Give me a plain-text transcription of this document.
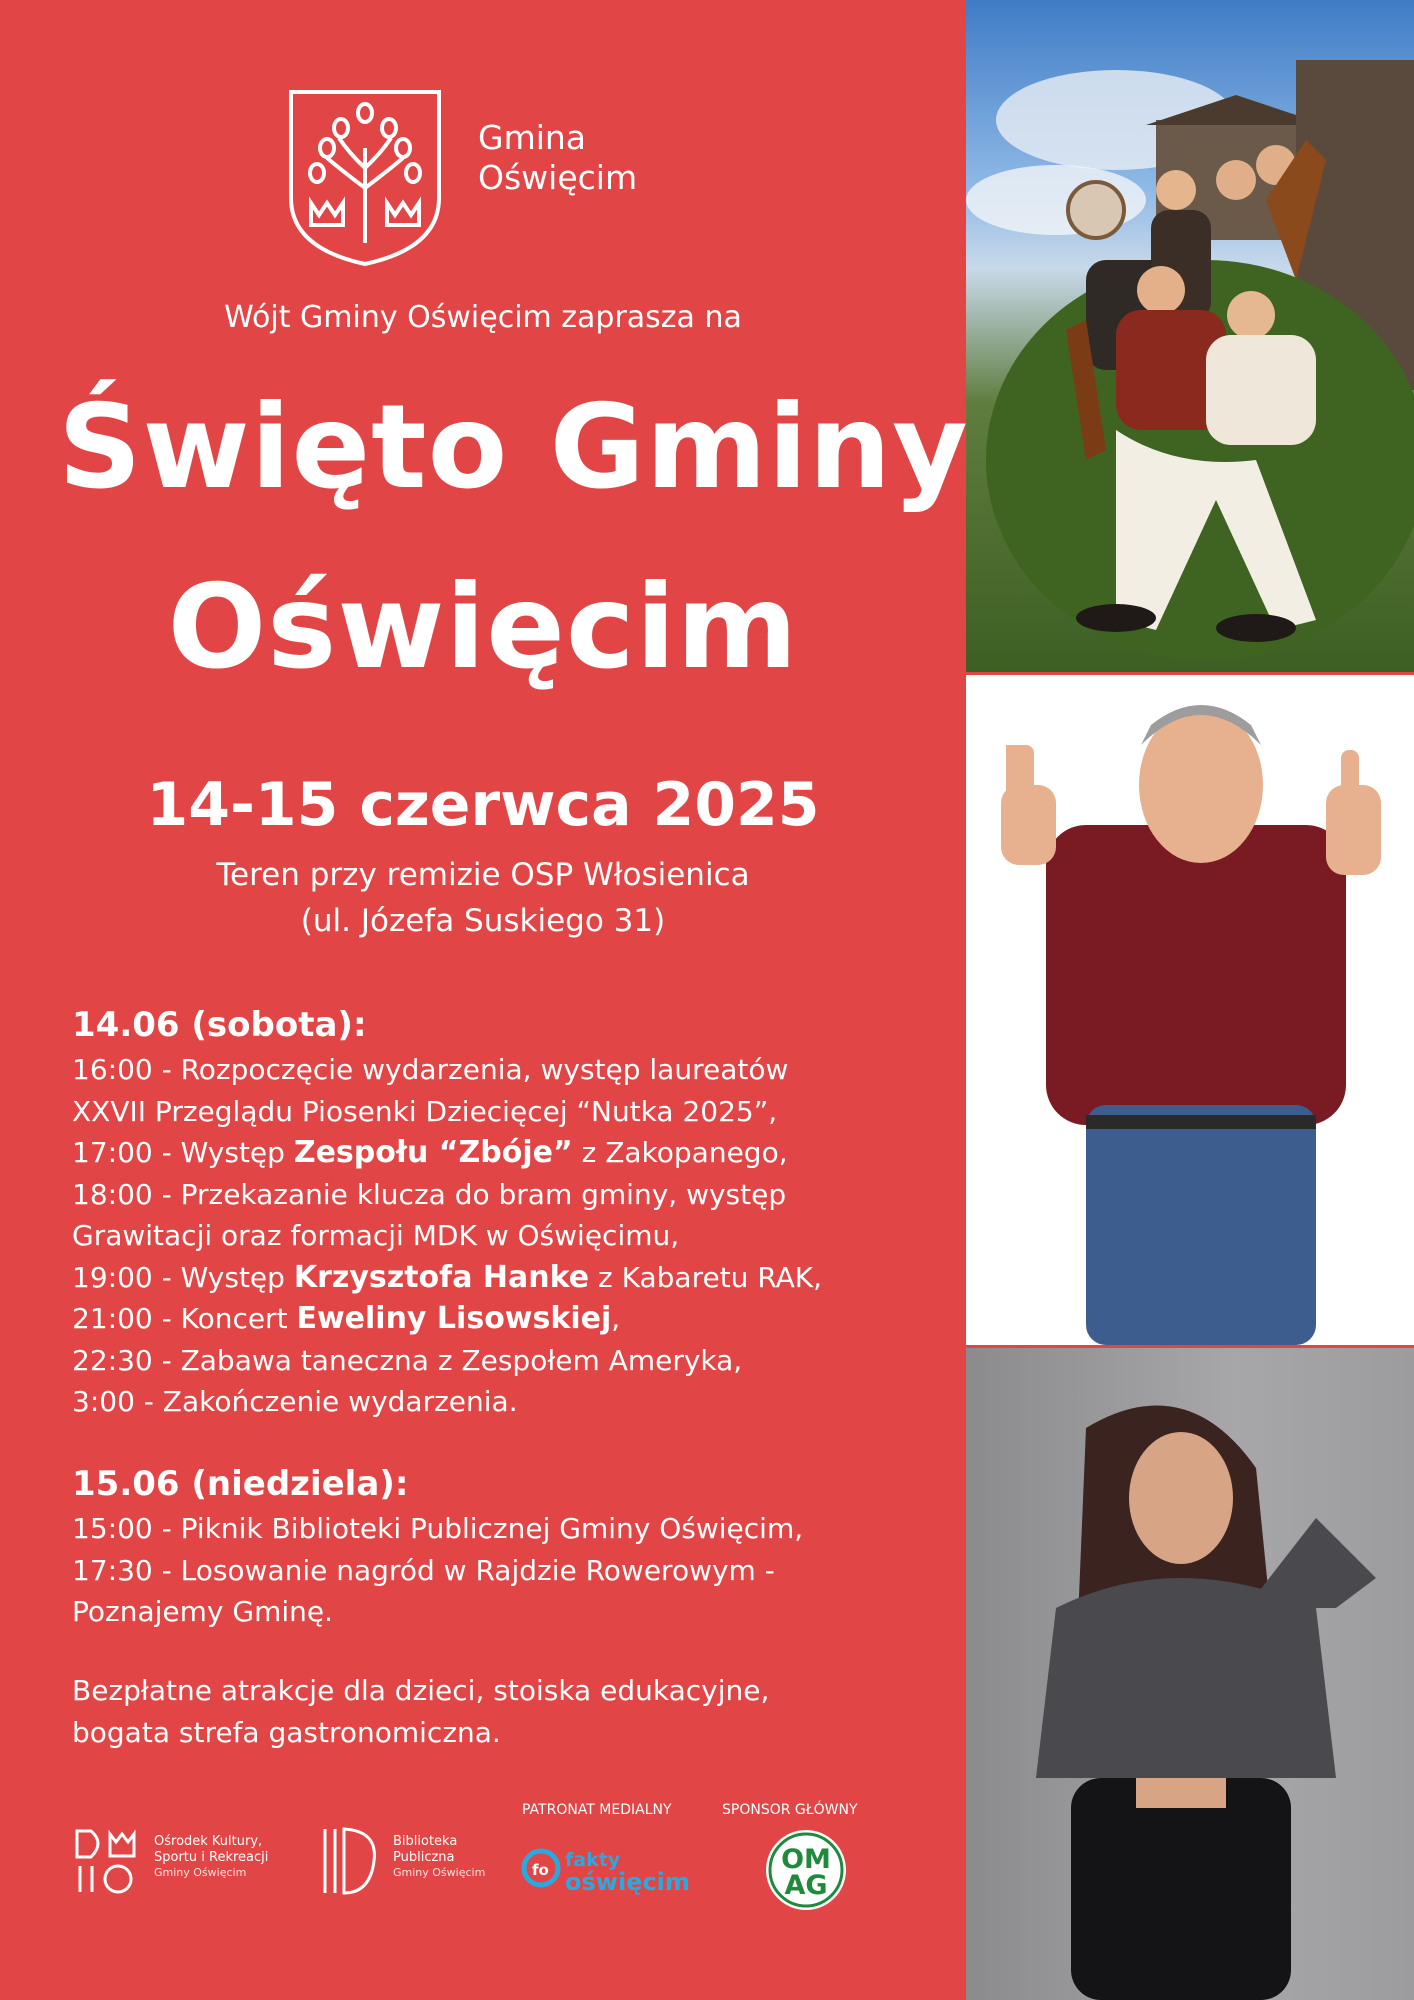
Gmina
Oświęcim
Wójt Gminy Oświęcim zaprasza na
Święto Gminy
Oświęcim
14-15 czerwca 2025
Teren przy remizie OSP Włosienica
(ul. Józefa Suskiego 31)

14.06 (sobota):

16:00 - Rozpoczęcie wydarzenia, występ laureatów

XXVII Przeglądu Piosenki Dziecięcej “Nutka 2025”,

17:00 - Występ Zespołu “Zbóje” z Zakopanego,

18:00 - Przekazanie klucza do bram gminy, występ

Grawitacji oraz formacji MDK w Oświęcimu,

19:00 - Występ Krzysztofa Hanke z Kabaretu RAK,

21:00 - Koncert Eweliny Lisowskiej,

22:30 - Zabawa taneczna z Zespołem Ameryka,

3:00 - Zakończenie wydarzenia.

15.06 (niedziela):

15:00 - Piknik Biblioteki Publicznej Gminy Oświęcim,

17:30 - Losowanie nagród w Rajdzie Rowerowym -

Poznajemy Gminę.

Bezpłatne atrakcje dla dzieci, stoiska edukacyjne,
bogata strefa gastronomiczna.
Ośrodek Kultury,
Sportu i Rekreacji
Gminy Oświęcim
Biblioteka
Publiczna
Gminy Oświęcim
PATRONAT MEDIALNY	SPONSOR GŁÓWNY
fo fakty
oświęcim
OM
AG
